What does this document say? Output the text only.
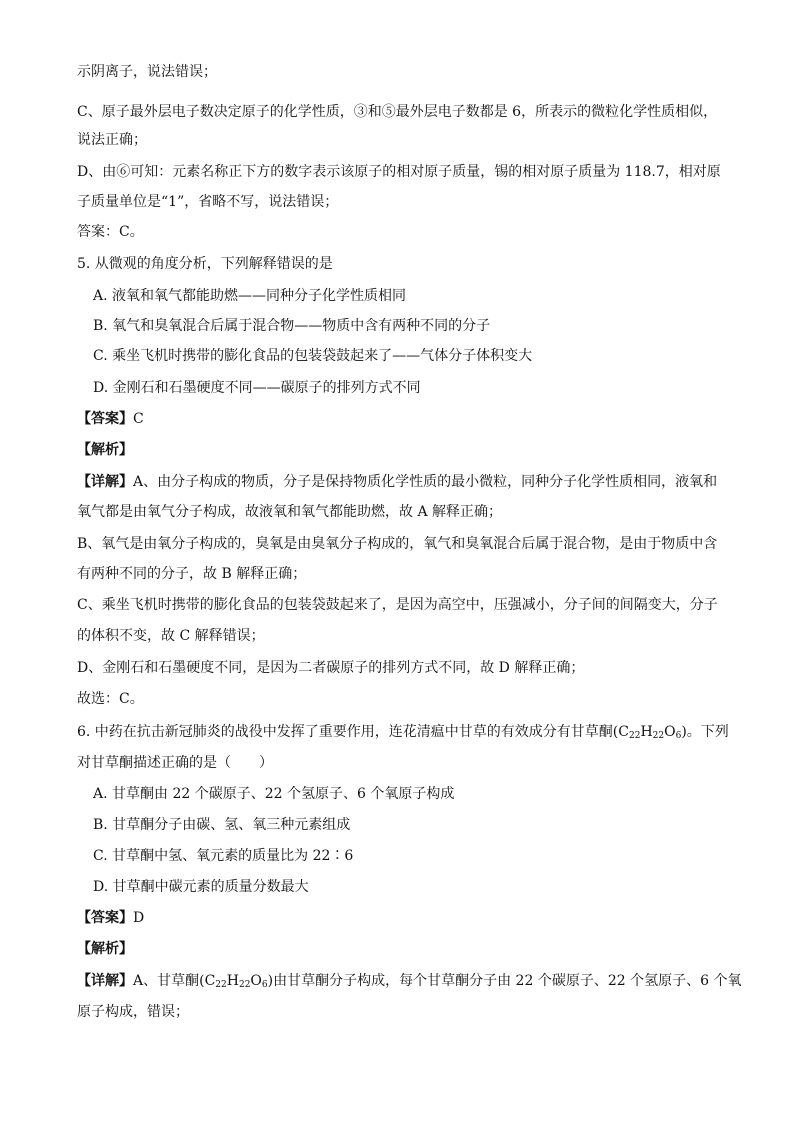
示阴离子，说法错误；
C、原子最外层电子数决定原子的化学性质，③和⑤最外层电子数都是 6，所表示的微粒化学性质相似，
说法正确；
D、由⑥可知：元素名称正下方的数字表示该原子的相对原子质量，锡的相对原子质量为 118.7，相对原
子质量单位是“1”，省略不写，说法错误；
答案：C。
5. 从微观的角度分析，下列解释错误的是
A. 液氧和氧气都能助燃——同种分子化学性质相同
B. 氧气和臭氧混合后属于混合物——物质中含有两种不同的分子
C. 乘坐飞机时携带的膨化食品的包装袋鼓起来了——气体分子体积变大
D. 金刚石和石墨硬度不同——碳原子的排列方式不同
【答案】C
【解析】
【详解】A、由分子构成的物质，分子是保持物质化学性质的最小微粒，同种分子化学性质相同，液氧和
氧气都是由氧气分子构成，故液氧和氧气都能助燃，故 A 解释正确；
B、氧气是由氧分子构成的，臭氧是由臭氧分子构成的，氧气和臭氧混合后属于混合物，是由于物质中含
有两种不同的分子，故 B 解释正确；
C、乘坐飞机时携带的膨化食品的包装袋鼓起来了，是因为高空中，压强减小，分子间的间隔变大，分子
的体积不变，故 C 解释错误；
D、金刚石和石墨硬度不同，是因为二者碳原子的排列方式不同，故 D 解释正确；
故选：C。
6. 中药在抗击新冠肺炎的战役中发挥了重要作用，连花清瘟中甘草的有效成分有甘草酮$(C_{22}H_{22}O_6)$。下列
对甘草酮描述正确的是（　　）
A. 甘草酮由 22 个碳原子、22 个氢原子、6 个氧原子构成
B. 甘草酮分子由碳、氢、氧三种元素组成
C. 甘草酮中氢、氧元素的质量比为 22∶6
D. 甘草酮中碳元素的质量分数最大
【答案】D
【解析】
【详解】A、甘草酮$(C_{22}H_{22}O_6)$由甘草酮分子构成，每个甘草酮分子由 22 个碳原子、22 个氢原子、6 个氧
原子构成，错误；
